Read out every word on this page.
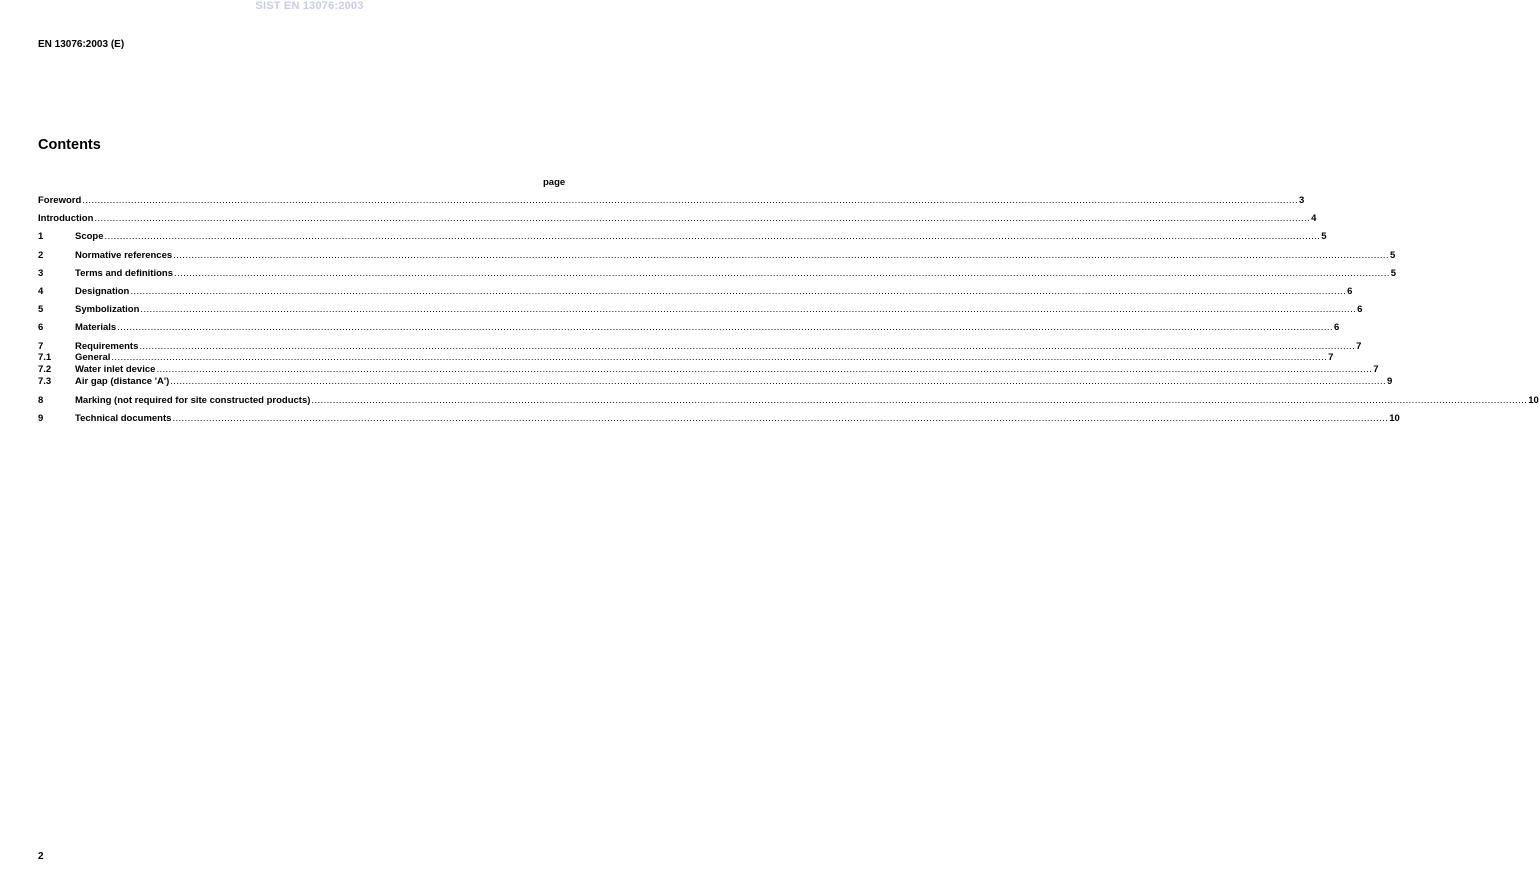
SIST EN 13076:2003
EN 13076:2003 (E)
Contents
page
Foreword ................................................................................................................................................................................................................................................................................................................................................................................................................ 3
Introduction ................................................................................................................................................................................................................................................................................................................................................................................................................ 4
1	Scope ................................................................................................................................................................................................................................................................................................................................................................................................................ 5
2	Normative references ................................................................................................................................................................................................................................................................................................................................................................................................................ 5
3	Terms and definitions ................................................................................................................................................................................................................................................................................................................................................................................................................ 5
4	Designation ................................................................................................................................................................................................................................................................................................................................................................................................................ 6
5	Symbolization ................................................................................................................................................................................................................................................................................................................................................................................................................ 6
6	Materials ................................................................................................................................................................................................................................................................................................................................................................................................................ 6
7	Requirements ................................................................................................................................................................................................................................................................................................................................................................................................................ 7
7.1	General ................................................................................................................................................................................................................................................................................................................................................................................................................ 7
7.2	Water inlet device ................................................................................................................................................................................................................................................................................................................................................................................................................ 7
7.3	Air gap (distance 'A') ................................................................................................................................................................................................................................................................................................................................................................................................................ 9
8	Marking (not required for site constructed products) ................................................................................................................................................................................................................................................................................................................................................................................................................ 10
9	Technical documents ................................................................................................................................................................................................................................................................................................................................................................................................................ 10
2
